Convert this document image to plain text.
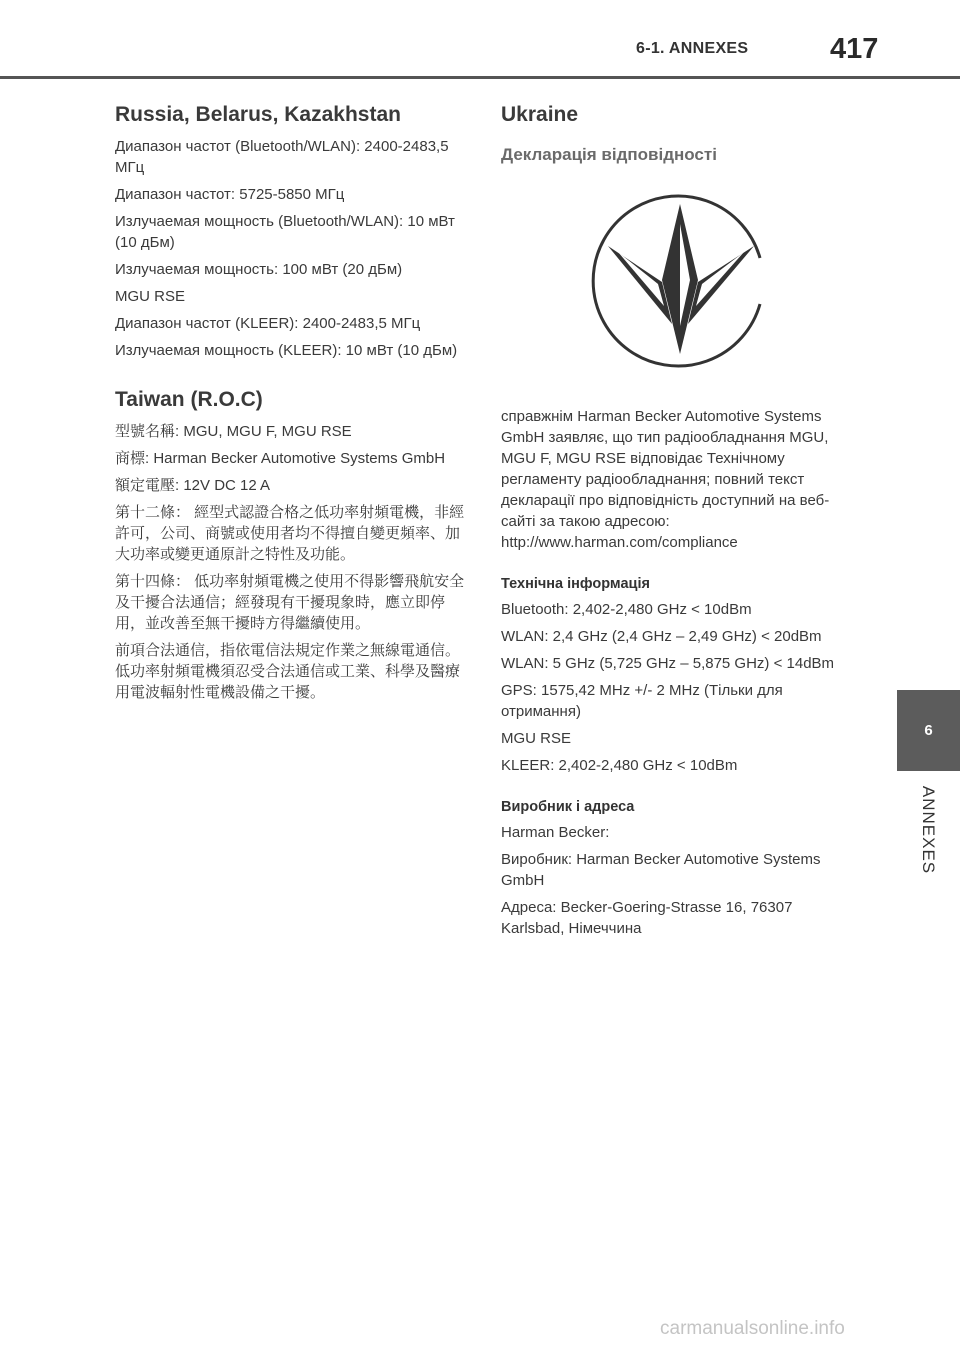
6-1. ANNEXES	417
Russia, Belarus, Kazakhstan

Диапазон частот (Bluetooth/WLAN): 2400-2483,5 МГц

Диапазон частот: 5725-5850 МГц

Излучаемая мощность (Bluetooth/WLAN): 10 мВт (10 дБм)

Излучаемая мощность: 100 мВт (20 дБм)

MGU RSE

Диапазон частот (KLEER): 2400-2483,5 МГц

Излучаемая мощность (KLEER): 10 мВт (10 дБм)

Taiwan (R.O.C)

型號名稱: MGU, MGU F, MGU RSE

商標: Harman Becker Automotive Systems GmbH

額定電壓: 12V DC 12 A

第十二條： 經型式認證合格之低功率射頻電機，非經許可，公司、商號或使用者均不得擅自變更頻率、加大功率或變更通原計之特性及功能。

第十四條： 低功率射頻電機之使用不得影響飛航安全及干擾合法通信；經發現有干擾現象時，應立即停用，並改善至無干擾時方得繼續使用。

前項合法通信，指依電信法規定作業之無線電通信。低功率射頻電機須忍受合法通信或工業、科學及醫療用電波輻射性電機設備之干擾。

Ukraine
Декларація відповідності

справжнім Harman Becker Automotive Systems GmbH заявляє, що тип радіообладнання MGU, MGU F, MGU RSE відповідає Технічному регламенту радіообладнання; повний текст декларації про відповідність доступний на веб-сайті за такою адресою: http://www.harman.com/compliance

Технічна інформація

Bluetooth: 2,402-2,480 GHz < 10dBm

WLAN: 2,4 GHz (2,4 GHz – 2,49 GHz) < 20dBm

WLAN: 5 GHz (5,725 GHz – 5,875 GHz) < 14dBm

GPS: 1575,42 MHz +/- 2 MHz (Тільки для отримання)

MGU RSE

KLEER: 2,402-2,480 GHz < 10dBm

Виробник і адреса

Harman Becker:

Виробник: Harman Becker Automotive Systems GmbH

Адреса: Becker-Goering-Strasse 16, 76307 Karlsbad, Німеччина

6
ANNEXES
carmanualsonline.info
